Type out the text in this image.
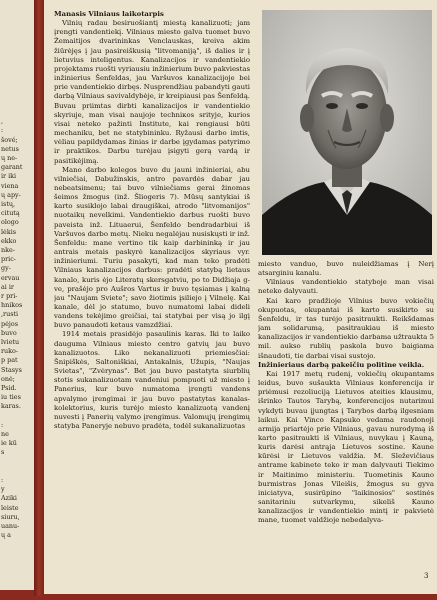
,
:
šové;
netus
ų ne-
garant
ir iki
vienа
ų apy-
istų,
citutą
ologo
lėkis
ekko
nke-
pric-
gy-
ervau
ai ir
r pri-
hnikos
,rusti
pėjos
buvo
lvietu
ruko-
p pat
Stasys
onė;
Psid.
iu ties
karas.
:
ne
ie kū
s
:
y
Aziki
leiste
siuru,
uanu-
ų a

Manasis Vilniaus laikotarpis

Vilnių radau besiruošiantį miestą kanalizuoti; jam įrengti vandentiekį. Vilniaus miesto galva tuomet buvo Žemaitijos dvarininkas Venclauskas, kreiva akim žiūrėjęs į jau pasireiškusią "litvomaniją", iš dalies ir į lietuvius inteligentus. Kanalizacijos ir vandentiekio projektams ruošti vyriausiu inžinierium buvo pakviestas inžinierius Šenfeldas, jau Varšuvos kanalizacijoje bei prie vandentiekio dirbęs. Nusprendžiau pabandyti gauti darbą Vilniaus savivaldybėje, ir kreipiausi pas Šenfeldą. Buvau priimtas dirbti kanalizacijos ir vandentiekio skyriuje, man visai naujoje techniкos srityje, kurios visai neteko pažinti Institute, kai rengiausi būti mechaniku, bet ne statybininku. Ryžausi darbo imtis, vėliau papildydamas žinias ir darbe įgydamas patyrimo ir praktikos. Darbu turėjau įsigyti gerą vardą ir pasitikėjimą.

Mano darbo kolegos buvo du jauni inžinieriai, abu vilniečiai, Dabužinskis, antro pavardės dabar jau nebeatsimenu; tai buvo vilniečiams gerai žinomas šeimos žmogus (inž. Šliogeris 7). Mūsų santykiai iš karto susiklojo labai draugiškai, atrodo "litvomanijos" nuotaikų nevelkimi. Vandentiekio darbus ruošti buvo paveista inž. Lituaerui, Šenfeldo bendradarbiui iš Varšuvos darbo metų. Nieku negalėjau nusiskųsti ir inž. Šenfeldu: mane vertino tik kaip darbininką ir jau antrais metais paskyrė kanalizacijos skyriaus vyr. inžinieriumi. Turiu pasakyti, kad man teko pradėti Vilniaus kanalizacijos darbus: pradėti statybą lietaus kanalo, kuris ėjo Literatų skersgatviu, po to Didžiaja g-ve, prašėjo pro Aušros Vartus ir buvo tęsiamas į kalną jau "Naujam Sviete"; savo žiotimis įsiliejo į Vilnelę. Kai kanalе, dėl jo statumo, buvo numatomi labai dideli vandens tekėjimo greičiai, tai statybai per visą jo ilgį buvo panaudoti ketaus vamzdžiai.

1914 metais prasidėjo pasaulinis karas. Iki to laiko dauguma Vilniaus miesto centro gatvių jau buvo kanalizuotos. Liko nekanalizuoti priemiesčiai: Šnipiškės, Saltoniškiai, Antakalnis, Užupis, "Naujas Svietas", "Zvėrynas". Bet jau buvo pastatyta siurblių stotis sukanalizuotam vandeniui pompuoti už miesto į Panerius, kur buvo numatoma įrengti vandens apvalymo įrengimai ir jau buvo pastatytas kanalas-kolektorius, kuris turėjo miesto kanalizuotą vandenį nuvesti į Panerių valymo įrengimus. Valomųjų įrengimų statyba Paneryje nebuvo pradėta, todėl sukanalizuotas

miesto vanduo, buvo nuleidžiamas į Nerį atsarginiu kanalu.

Vilniaus vandentiekio statyboje man visai neteko dalyvauti.

Kai karo pradžioje Vilnius buvo vokiečių okupuotas, okupantai iš karto susikirto su Šenfeldu, ir tas turėjo pasitraukti. Reikšdamas jam solidarumą, pasitraukiau iš miesto kanalizacijos ir vandentiekio darbama užtraukta 5 mil. aukso rublių paskola buvo baigiama išnaudoti, tie darbai visai sustojo.

Inžinieriaus darbą pakeičiu politine veikla.

Kai 1917 metų rudenį, vokiečių okupantams leidus, buvo sušaukta Vilniaus konferencija ir priėmusi rezoliuciją Lietuvos ateities klausimu, išrinko Tautos Tarybą, konferencijos nutarimui vykdyti buvau įjungtas į Tarybos darbą ilgesniam laikui. Kai Vinco Kapsuko vedama raudonoji armija priartėjo prie Vilniaus, gavau nurodymą iš karto pasitraukti iš Vilniaus, nuvykau į Kauną, kuris darėsi antrąja Lietuvos sostine. Kaune kūrėsi ir Lietuvos valdžia. M. Sleževičiaus antrame kabinete teko ir man dalyvauti Tiekimo ir Maitinimo ministeriu. Tuometinis Kauno burmistras Jonas Vileišis, žmogus su gyva iniciatyva, susirūpino "laikinosios" sostinės sanitariniu sutvarkymu, sikeliš Kauno kanalizacijos ir vandentiekio mintį ir pakvietė mane, tuomet valdžioje nebedalyva-

3
